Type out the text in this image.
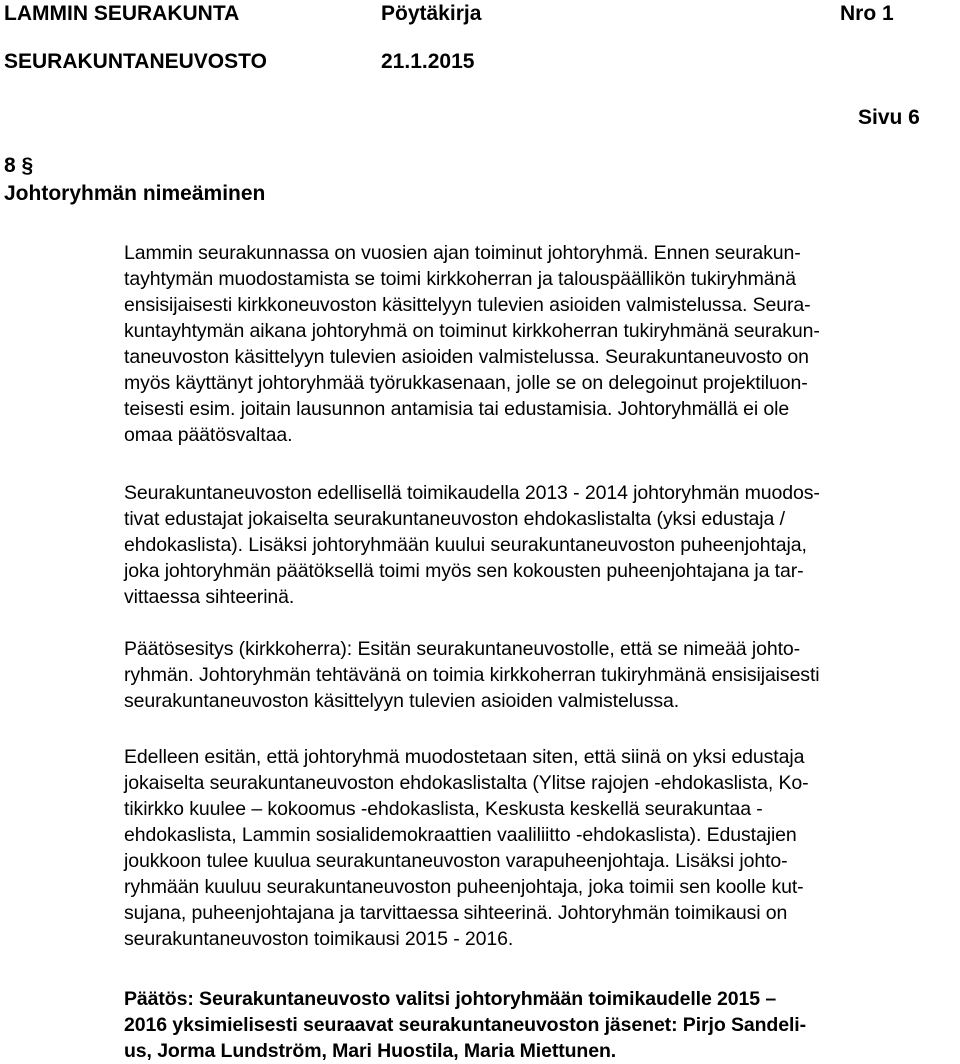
LAMMIN SEURAKUNTA	Pöytäkirja	Nro 1
SEURAKUNTANEUVOSTO	21.1.2015
Sivu 6
8 §
Johtoryhmän nimeäminen
Lammin seurakunnassa on vuosien ajan toiminut johtoryhmä. Ennen seurakun-
tayhtymän muodostamista se toimi kirkkoherran ja talouspäällikön tukiryhmänä
ensisijaisesti kirkkoneuvoston käsittelyyn tulevien asioiden valmistelussa. Seura-
kuntayhtymän aikana johtoryhmä on toiminut kirkkoherran tukiryhmänä seurakun-
taneuvoston käsittelyyn tulevien asioiden valmistelussa. Seurakuntaneuvosto on
myös käyttänyt johtoryhmää työrukkasenaan, jolle se on delegoinut projektiluon-
teisesti esim. joitain lausunnon antamisia tai edustamisia. Johtoryhmällä ei ole
omaa päätösvaltaa.
Seurakuntaneuvoston edellisellä toimikaudella 2013 - 2014 johtoryhmän muodos-
tivat edustajat jokaiselta seurakuntaneuvoston ehdokaslistalta (yksi edustaja /
ehdokaslista). Lisäksi johtoryhmään kuului seurakuntaneuvoston puheenjohtaja,
joka johtoryhmän päätöksellä toimi myös sen kokousten puheenjohtajana ja tar-
vittaessa sihteerinä.
Päätösesitys (kirkkoherra): Esitän seurakuntaneuvostolle, että se nimeää johto-
ryhmän. Johtoryhmän tehtävänä on toimia kirkkoherran tukiryhmänä ensisijaisesti
seurakuntaneuvoston käsittelyyn tulevien asioiden valmistelussa.
Edelleen esitän, että johtoryhmä muodostetaan siten, että siinä on yksi edustaja
jokaiselta seurakuntaneuvoston ehdokaslistalta (Ylitse rajojen -ehdokaslista, Ko-
tikirkko kuulee – kokoomus -ehdokaslista, Keskusta keskellä seurakuntaa -
ehdokaslista, Lammin sosialidemokraattien vaaliliitto -ehdokaslista). Edustajien
joukkoon tulee kuulua seurakuntaneuvoston varapuheenjohtaja. Lisäksi johto-
ryhmään kuuluu seurakuntaneuvoston puheenjohtaja, joka toimii sen koolle kut-
sujana, puheenjohtajana ja tarvittaessa sihteerinä. Johtoryhmän toimikausi on
seurakuntaneuvoston toimikausi 2015 - 2016.
Päätös: Seurakuntaneuvosto valitsi johtoryhmään toimikaudelle 2015 –
2016 yksimielisesti seuraavat seurakuntaneuvoston jäsenet: Pirjo Sandeli-
us, Jorma Lundström, Mari Huostila, Maria Miettunen.
